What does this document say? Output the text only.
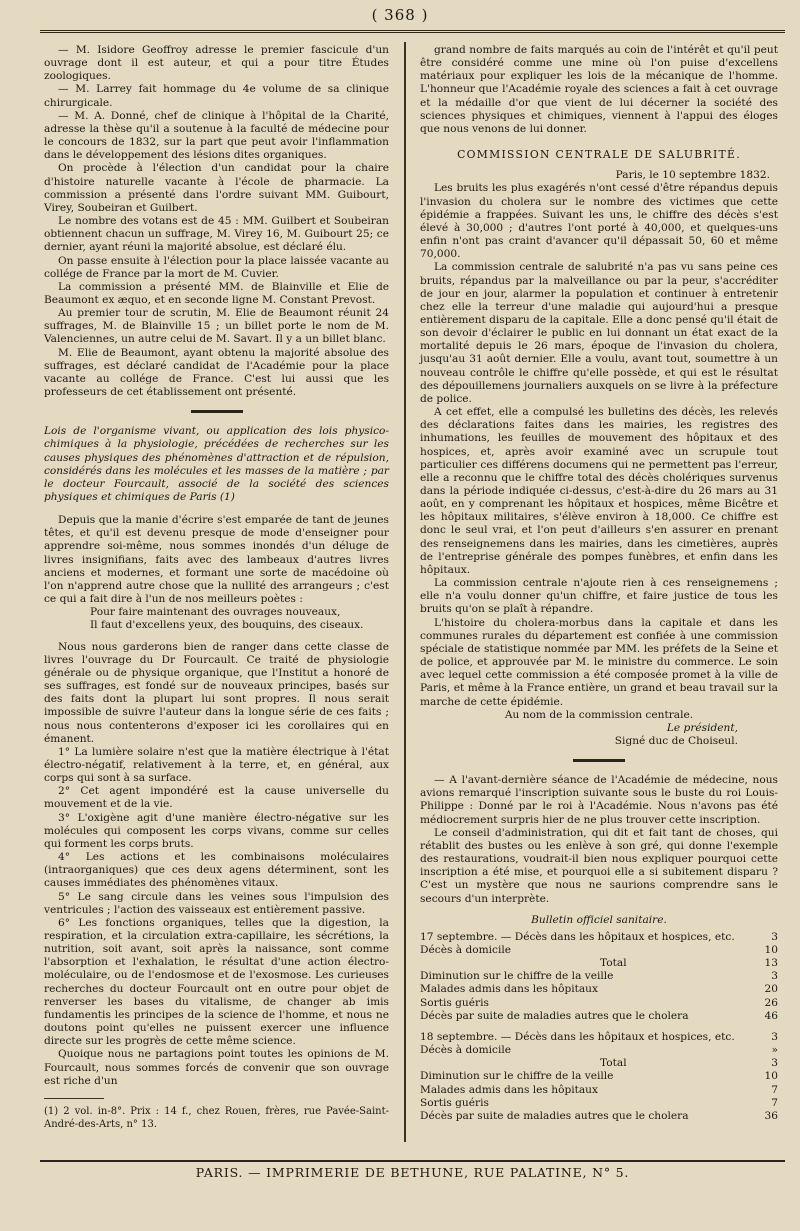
( 368 )

— M. Isidore Geoffroy adresse le premier fascicule d'un ouvrage dont il est auteur, et qui a pour titre Études zoologiques.

— M. Larrey fait hommage du 4e volume de sa clinique chirurgicale.

— M. A. Donné, chef de clinique à l'hôpital de la Charité, adresse la thèse qu'il a soutenue à la faculté de médecine pour le concours de 1832, sur la part que peut avoir l'inflammation dans le développement des lésions dites organiques.

On procède à l'élection d'un candidat pour la chaire d'histoire naturelle vacante à l'école de pharmacie. La commission a présenté dans l'ordre suivant MM. Guibourt, Virey, Soubeiran et Guilbert.

Le nombre des votans est de 45 : MM. Guilbert et Soubeiran obtiennent chacun un suffrage, M. Virey 16, M. Guibourt 25; ce dernier, ayant réuni la majorité absolue, est déclaré élu.

On passe ensuite à l'élection pour la place laissée vacante au collége de France par la mort de M. Cuvier.

La commission a présenté MM. de Blainville et Elie de Beaumont ex æquo, et en seconde ligne M. Constant Prevost.

Au premier tour de scrutin, M. Elie de Beaumont réunit 24 suffrages, M. de Blainville 15 ; un billet porte le nom de M. Valenciennes, un autre celui de M. Savart. Il y a un billet blanc.

M. Elie de Beaumont, ayant obtenu la majorité absolue des suffrages, est déclaré candidat de l'Académie pour la place vacante au collége de France. C'est lui aussi que les professeurs de cet établissement ont présenté.

Lois de l'organisme vivant, ou application des lois physico-chimiques à la physiologie, précédées de recherches sur les causes physiques des phénomènes d'attraction et de répulsion, considérés dans les molécules et les masses de la matière ; par le docteur Fourcault, associé de la société des sciences physiques et chimiques de Paris (1)

Depuis que la manie d'écrire s'est emparée de tant de jeunes têtes, et qu'il est devenu presque de mode d'enseigner pour apprendre soi-même, nous sommes inondés d'un déluge de livres insignifians, faits avec des lambeaux d'autres livres anciens et modernes, et formant une sorte de macédoine où l'on n'apprend autre chose que la nullité des arrangeurs ; c'est ce qui a fait dire à l'un de nos meilleurs poètes :

Pour faire maintenant des ouvrages nouveaux,

Il faut d'excellens yeux, des bouquins, des ciseaux.

Nous nous garderons bien de ranger dans cette classe de livres l'ouvrage du Dr Fourcault. Ce traité de physiologie générale ou de physique organique, que l'Institut a honoré de ses suffrages, est fondé sur de nouveaux principes, basés sur des faits dont la plupart lui sont propres. Il nous serait impossible de suivre l'auteur dans la longue série de ces faits ; nous nous contenterons d'exposer ici les corollaires qui en émanent.

1° La lumière solaire n'est que la matière électrique à l'état électro-négatif, relativement à la terre, et, en général, aux corps qui sont à sa surface.

2° Cet agent impondéré est la cause universelle du mouvement et de la vie.

3° L'oxigène agit d'une manière électro-négative sur les molécules qui composent les corps vivans, comme sur celles qui forment les corps bruts.

4° Les actions et les combinaisons moléculaires (intraorganiques) que ces deux agens déterminent, sont les causes immédiates des phénomènes vitaux.

5° Le sang circule dans les veines sous l'impulsion des ventricules ; l'action des vaisseaux est entièrement passive.

6° Les fonctions organiques, telles que la digestion, la respiration, et la circulation extra-capillaire, les sécrétions, la nutrition, soit avant, soit après la naissance, sont comme l'absorption et l'exhalation, le résultat d'une action électro-moléculaire, ou de l'endosmose et de l'exosmose. Les curieuses recherches du docteur Fourcault ont en outre pour objet de renverser les bases du vitalisme, de changer ab imis fundamentis les principes de la science de l'homme, et nous ne doutons point qu'elles ne puissent exercer une influence directe sur les progrès de cette même science.

Quoique nous ne partagions point toutes les opinions de M. Fourcault, nous sommes forcés de convenir que son ouvrage est riche d'un

(1) 2 vol. in-8°. Prix : 14 f., chez Rouen, frères, rue Pavée-Saint-André-des-Arts, n° 13.

grand nombre de faits marqués au coin de l'intérêt et qu'il peut être considéré comme une mine où l'on puise d'excellens matériaux pour expliquer les lois de la mécanique de l'homme. L'honneur que l'Académie royale des sciences a fait à cet ouvrage et la médaille d'or que vient de lui décerner la société des sciences physiques et chimiques, viennent à l'appui des éloges que nous venons de lui donner.

COMMISSION CENTRALE DE SALUBRITÉ.

Paris, le 10 septembre 1832.

Les bruits les plus exagérés n'ont cessé d'être répandus depuis l'invasion du cholera sur le nombre des victimes que cette épidémie a frappées. Suivant les uns, le chiffre des décès s'est élevé à 30,000 ; d'autres l'ont porté à 40,000, et quelques-uns enfin n'ont pas craint d'avancer qu'il dépassait 50, 60 et même 70,000.

La commission centrale de salubrité n'a pas vu sans peine ces bruits, répandus par la malveillance ou par la peur, s'accréditer de jour en jour, alarmer la population et continuer à entretenir chez elle la terreur d'une maladie qui aujourd'hui a presque entièrement disparu de la capitale. Elle a donc pensé qu'il était de son devoir d'éclairer le public en lui donnant un état exact de la mortalité depuis le 26 mars, époque de l'invasion du cholera, jusqu'au 31 août dernier. Elle a voulu, avant tout, soumettre à un nouveau contrôle le chiffre qu'elle possède, et qui est le résultat des dépouillemens journaliers auxquels on se livre à la préfecture de police.

A cet effet, elle a compulsé les bulletins des décès, les relevés des déclarations faites dans les mairies, les registres des inhumations, les feuilles de mouvement des hôpitaux et des hospices, et, après avoir examiné avec un scrupule tout particulier ces différens documens qui ne permettent pas l'erreur, elle a reconnu que le chiffre total des décès cholériques survenus dans la période indiquée ci-dessus, c'est-à-dire du 26 mars au 31 août, en y comprenant les hôpitaux et hospices, même Bicêtre et les hôpitaux militaires, s'élève environ à 18,000. Ce chiffre est donc le seul vrai, et l'on peut d'ailleurs s'en assurer en prenant des renseignemens dans les mairies, dans les cimetières, auprès de l'entreprise générale des pompes funèbres, et enfin dans les hôpitaux.

La commission centrale n'ajoute rien à ces renseignemens ; elle n'a voulu donner qu'un chiffre, et faire justice de tous les bruits qu'on se plaît à répandre.

L'histoire du cholera-morbus dans la capitale et dans les communes rurales du département est confiée à une commission spéciale de statistique nommée par MM. les préfets de la Seine et de police, et approuvée par M. le ministre du commerce. Le soin avec lequel cette commission a été composée promet à la ville de Paris, et même à la France entière, un grand et beau travail sur la marche de cette épidémie.

Au nom de la commission centrale.

Le président,

Signé duc de Choiseul.

— A l'avant-dernière séance de l'Académie de médecine, nous avions remarqué l'inscription suivante sous le buste du roi Louis-Philippe : Donné par le roi à l'Académie. Nous n'avons pas été médiocrement surpris hier de ne plus trouver cette inscription.

Le conseil d'administration, qui dit et fait tant de choses, qui rétablit des bustes ou les enlève à son gré, qui donne l'exemple des restaurations, voudrait-il bien nous expliquer pourquoi cette inscription a été mise, et pourquoi elle a si subitement disparu ? C'est un mystère que nous ne saurions comprendre sans le secours d'un interprète.

Bulletin officiel sanitaire.
17 septembre. — Décès dans les hôpitaux et hospices, etc.	3
Décès à domicile	10
Total	13
Diminution sur le chiffre de la veille	3
Malades admis dans les hôpitaux	20
Sortis guéris	26
Décès par suite de maladies autres que le cholera	46
18 septembre. — Décès dans les hôpitaux et hospices, etc.	3
Décès à domicile	»
Total	3
Diminution sur le chiffre de la veille	10
Malades admis dans les hôpitaux	7
Sortis guéris	7
Décès par suite de maladies autres que le cholera	36
PARIS. — IMPRIMERIE DE BETHUNE, RUE PALATINE, N° 5.
